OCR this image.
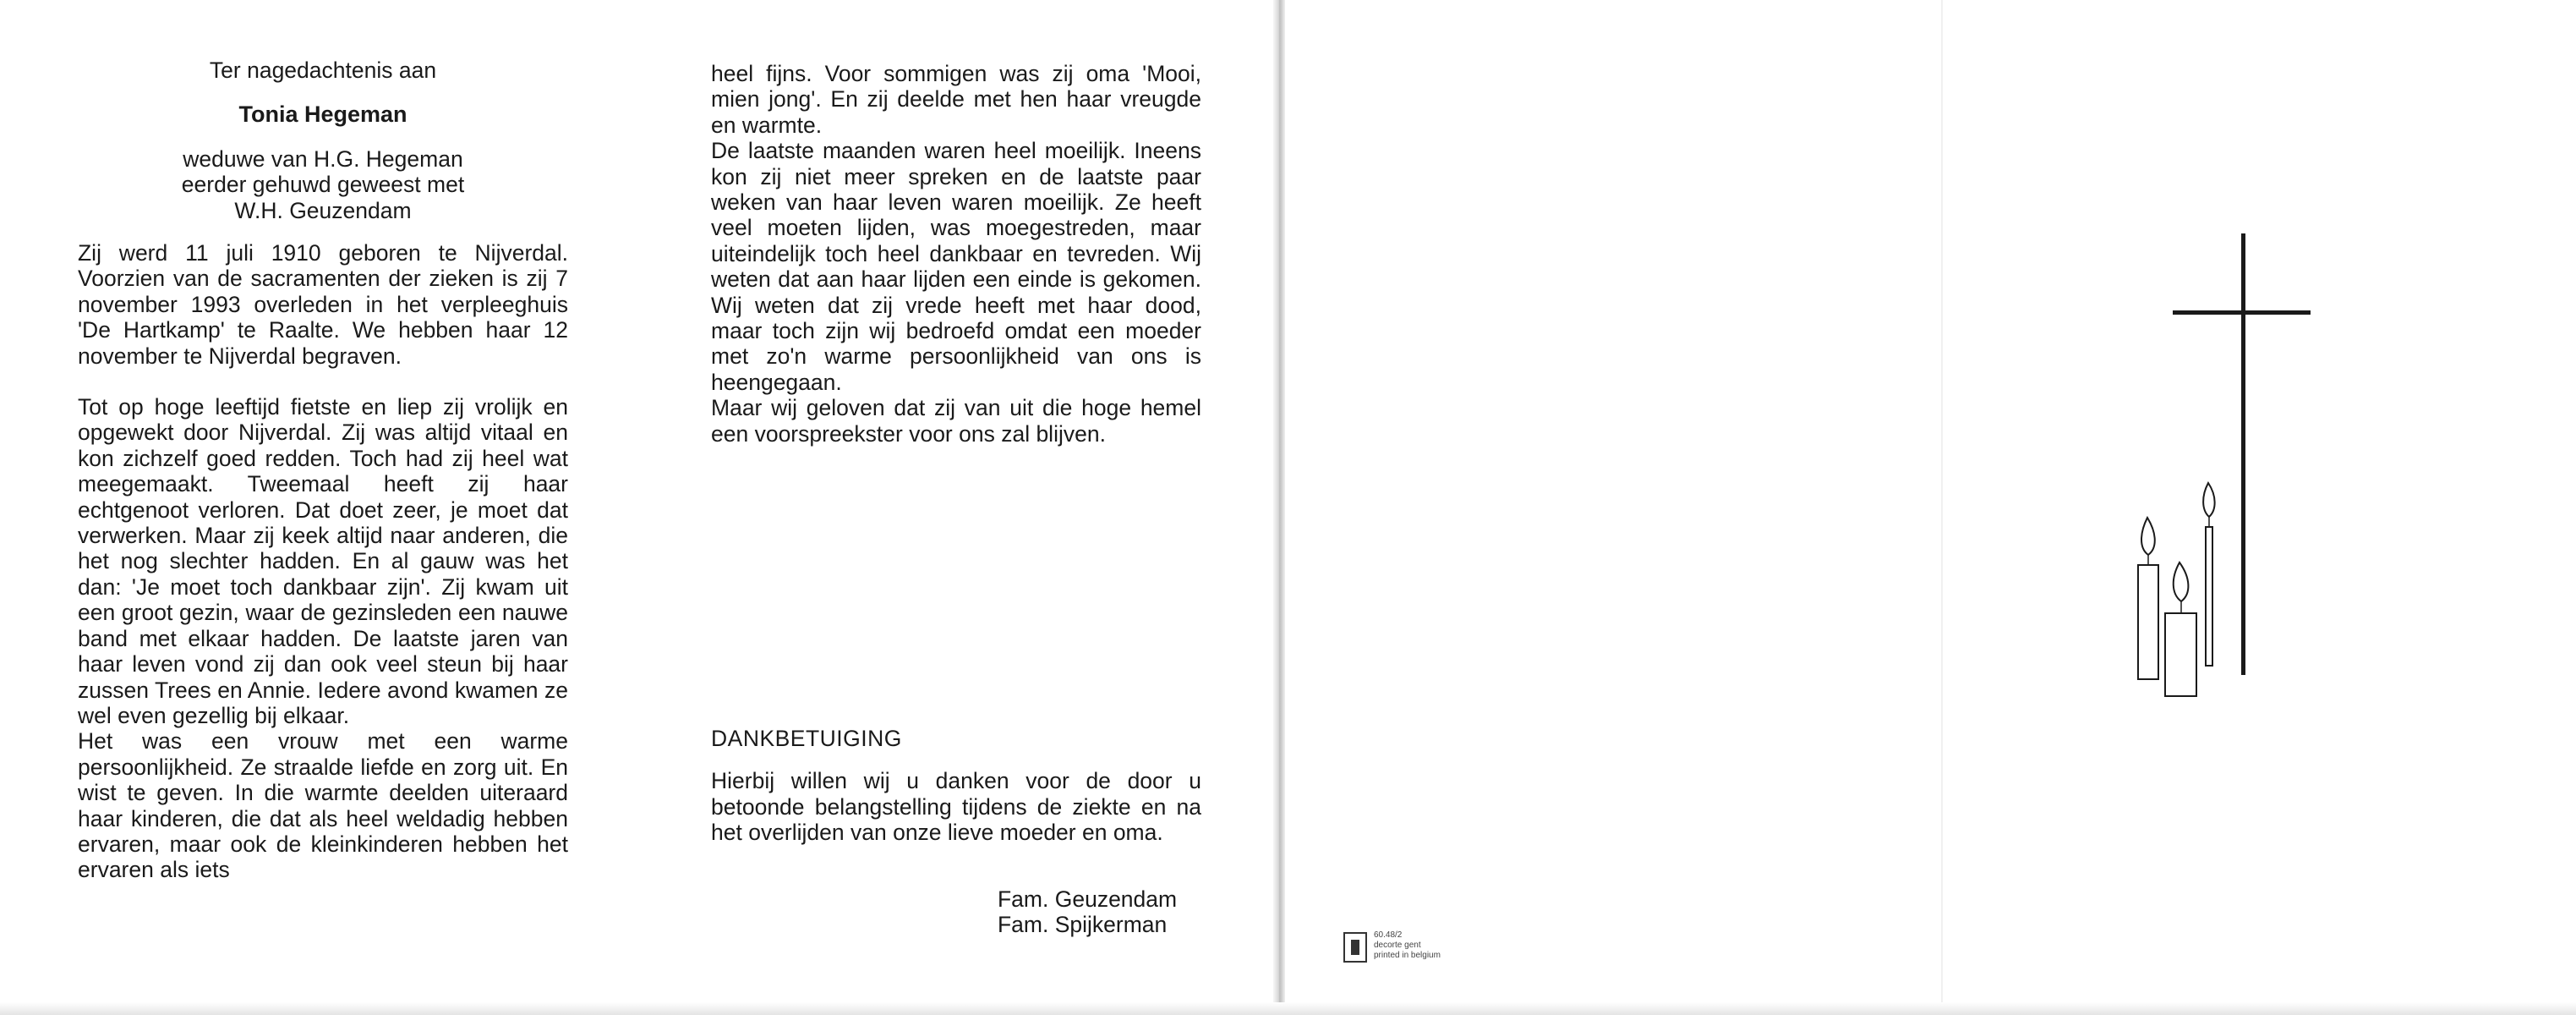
Ter nagedachtenis aan

Tonia Hegeman

weduwe van H.G. Hegeman

eerder gehuwd geweest met

W.H. Geuzendam

Zij werd 11 juli 1910 geboren te Nijverdal. Voorzien van de sacramenten der zieken is zij 7 november 1993 overleden in het verpleeghuis 'De Hartkamp' te Raalte. We hebben haar 12 november te Nijverdal begraven.

Tot op hoge leeftijd fietste en liep zij vrolijk en opgewekt door Nijverdal. Zij was altijd vitaal en kon zichzelf goed redden. Toch had zij heel wat meegemaakt. Tweemaal heeft zij haar echtgenoot verloren. Dat doet zeer, je moet dat verwerken. Maar zij keek altijd naar anderen, die het nog slechter hadden. En al gauw was het dan: 'Je moet toch dankbaar zijn'. Zij kwam uit een groot gezin, waar de gezinsleden een nauwe band met elkaar hadden. De laatste jaren van haar leven vond zij dan ook veel steun bij haar zussen Trees en Annie. Iedere avond kwamen ze wel even gezellig bij elkaar.

Het was een vrouw met een warme persoonlijkheid. Ze straalde liefde en zorg uit. En wist te geven. In die warmte deelden uiteraard haar kinderen, die dat als heel weldadig hebben ervaren, maar ook de kleinkinderen hebben het ervaren als iets

heel fijns. Voor sommigen was zij oma 'Mooi, mien jong'. En zij deelde met hen haar vreugde en warmte.

De laatste maanden waren heel moeilijk. Ineens kon zij niet meer spreken en de laatste paar weken van haar leven waren moeilijk. Ze heeft veel moeten lijden, was moegestreden, maar uiteindelijk toch heel dankbaar en tevreden. Wij weten dat aan haar lijden een einde is gekomen. Wij weten dat zij vrede heeft met haar dood, maar toch zijn wij bedroefd omdat een moeder met zo'n warme persoonlijkheid van ons is heengegaan.

Maar wij geloven dat zij van uit die hoge hemel een voorspreekster voor ons zal blijven.

DANKBETUIGING

Hierbij willen wij u danken voor de door u betoonde belangstelling tijdens de ziekte en na het overlijden van onze lieve moeder en oma.

Fam. Geuzendam
Fam. Spijkerman	60.48/2
decorte gent
printed in belgium
